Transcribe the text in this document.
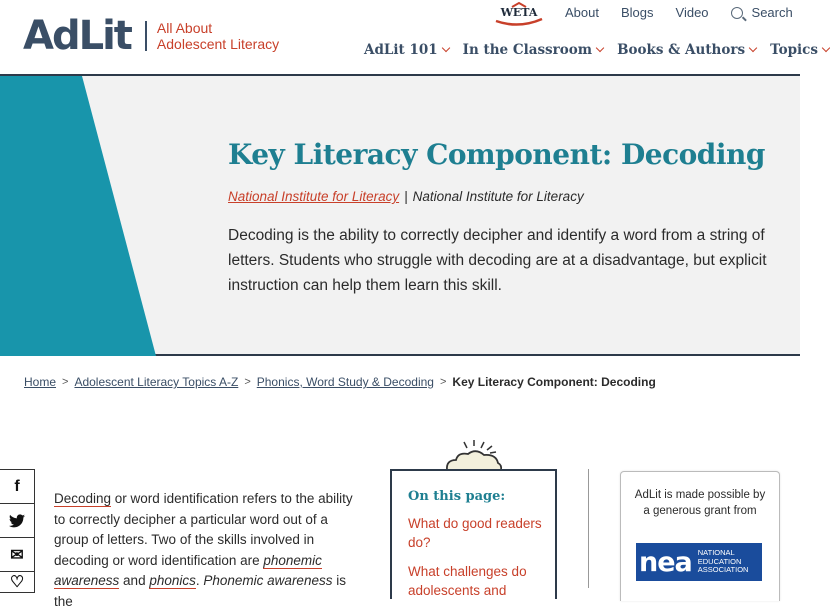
AdLit All About
Adolescent Literacy
WETA	About Blogs Video	Search
AdLit 101 In the Classroom Books & Authors Topics
Key Literacy Component: Decoding
National Institute for Literacy | National Institute for Literacy

Decoding is the ability to correctly decipher and identify a word from a string of letters. Students who struggle with decoding are at a disadvantage, but explicit instruction can help them learn this skill.

Home > Adolescent Literacy Topics A-Z > Phonics, Word Study & Decoding > Key Literacy Component: Decoding
f
✉
♡
Decoding or word identification refers to the ability to correctly decipher a particular word out of a group of letters. Two of the skills involved in decoding or word identification are phonemic awareness and phonics. Phonemic awareness is the
On this page:
What do good readers do?
What challenges do adolescents and

AdLit is made possible by a generous grant from

nea NATIONAL
EDUCATION
ASSOCIATION
